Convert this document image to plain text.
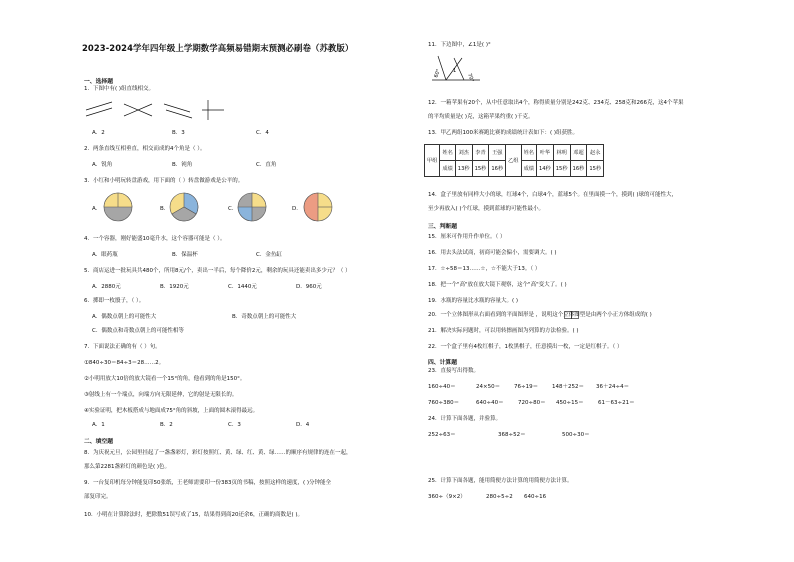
2023-2024学年四年级上学期数学高频易错期末预测必刷卷（苏教版）
一、选择题
1．下图中有( )组直线相交。
A．2	B．3	C．4
2．两条直线互相垂直，相交而成的4个角是（ ）。
A．锐角	B．钝角	C．直角
3．小红和小明玩转盘游戏，用下面的（ ）转盘做游戏是公平的。
A.	B.	C.	D.
4．一个容器，刚好能盛10毫升水，这个容器可能是（ ）。
A．眼药瓶	B．保温杯	C．金鱼缸
5．商店运进一批玩具共480个，所用8元/个，卖出一半后，每个降价2元，剩余的玩具还能卖出多少元？（ ）
A．2880元	B．1920元	C．1440元	D．960元
6．掷即一枚骰子，（ ）。
A．偶数点朝上的可能性大	B．奇数点朝上的可能性大
C．偶数点和奇数点朝上的可能性相等
7．下面说法正确的有（ ）句。
①840÷30＝84÷3＝28……2。
②小明用放大10倍的放大镜看一个15°的角，他看到的角是150°。
③射线上有一个端点，向端方向无限延伸，它的射是无限长的。
④实验证明，把木板搭成与地面成75°角的斜坡，上面的圆木滚得最远。
A．1	B．2	C．3	D．4
二、填空题
8．为庆祝元旦，公园里挂起了一盏盏彩灯，彩灯按照红、黄、绿、红、黄、绿……的顺序有规律的连在一起，
那么第2281盏彩灯的颜色是( )色。
9．一台复印机每分钟能复印50张纸，王老师需要印一份383页的书稿，按照这样的速度，( )分钟能全
部复印完。
10．小明在计算除法时，把除数51误写成了15，结果得到商20还余6，正确的商数是( )。
11．下边图中，∠1是( )°
60°	70°
1
12．一箱苹果有20个，从中任意取出4个，称得质量分别是242克、234克、258克和266克，这4个苹果
的平均质量是( )克，这箱苹果约重( )千克。
13．甲乙两组100米赛跑比赛的成绩统计表如下：( )组获胜。
甲组	姓名	刘杰	李青	王强	乙组	姓名	叶华	林明	邓超	赵永
	成绩	13秒	15秒	16秒		成绩	14秒	15秒	16秒	15秒
14．盒子里放有同样大小的球，红球4个，白球4个，蓝球5个。在里面摸一个，摸到( )球的可能性大，
至少再放入( )个红球，摸到蓝球的可能性最小。
三、判断题
15．厘米可作用升作单位。（ ）
16．用去头法试商，初商可能会偏小，需要调大。( )
17．☆÷58＝13……☆，☆不能大于13。（ ）
18．把一个"高"放在放大镜下观察，这个"高"变大了。( )
19．水瓶的容量比水瓶的容量大。( )
20．一个立体图形从右面看到的平面图形是 ，说明这个立体图型是由两个小正方体组成的( )
21．解决实际问题时，可以用转擦画图为列算的方法检验。( )
22．一个盒子里有4枚红棋子，1枚黑棋子，任意摸出一枚，一定是红棋子。（ ）
四、计算题
23．直接写出得数。
160÷40＝	24×50＝	76÷19＝	148＋252＝ 36＋24÷4＝
760÷380＝	640÷40＝	720÷80＝ 450÷15＝	61－63÷21＝
24．计算下面各题，并验算。
252÷63＝	368÷52＝	500÷30＝
25．计算下面各题，能用简便方法计算的用简便方法计算。
360÷（9×2）	280÷5÷2 640÷16
